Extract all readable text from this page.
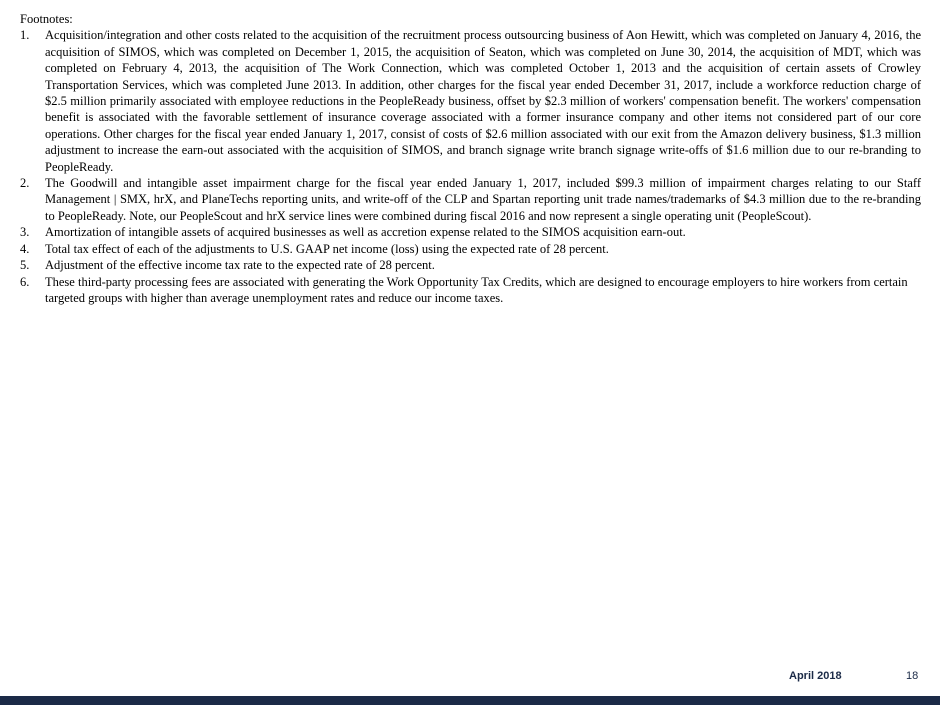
Footnotes:

1.	Acquisition/integration and other costs related to the acquisition of the recruitment process outsourcing business of Aon Hewitt, which was completed on January 4, 2016, the acquisition of SIMOS, which was completed on December 1, 2015, the acquisition of Seaton, which was completed on June 30, 2014, the acquisition of MDT, which was completed on February 4, 2013, the acquisition of The Work Connection, which was completed October 1, 2013 and the acquisition of certain assets of Crowley Transportation Services, which was completed June 2013. In addition, other charges for the fiscal year ended December 31, 2017, include a workforce reduction charge of $2.5 million primarily associated with employee reductions in the PeopleReady business, offset by $2.3 million of workers' compensation benefit. The workers' compensation benefit is associated with the favorable settlement of insurance coverage associated with a former insurance company and other items not considered part of our core operations. Other charges for the fiscal year ended January 1, 2017, consist of costs of $2.6 million associated with our exit from the Amazon delivery business, $1.3 million adjustment to increase the earn-out associated with the acquisition of SIMOS, and branch signage write branch signage write-offs of $1.6 million due to our re-branding to PeopleReady.
2.	The Goodwill and intangible asset impairment charge for the fiscal year ended January 1, 2017, included $99.3 million of impairment charges relating to our Staff Management | SMX, hrX, and PlaneTechs reporting units, and write-off of the CLP and Spartan reporting unit trade names/trademarks of $4.3 million due to the re-branding to PeopleReady. Note, our PeopleScout and hrX service lines were combined during fiscal 2016 and now represent a single operating unit (PeopleScout).
3.	Amortization of intangible assets of acquired businesses as well as accretion expense related to the SIMOS acquisition earn-out.
4.	Total tax effect of each of the adjustments to U.S. GAAP net income (loss) using the expected rate of 28 percent.
5.	Adjustment of the effective income tax rate to the expected rate of 28 percent.
6.	These third-party processing fees are associated with generating the Work Opportunity Tax Credits, which are designed to encourage employers to hire workers from certain targeted groups with higher than average unemployment rates and reduce our income taxes.
April 2018	18
